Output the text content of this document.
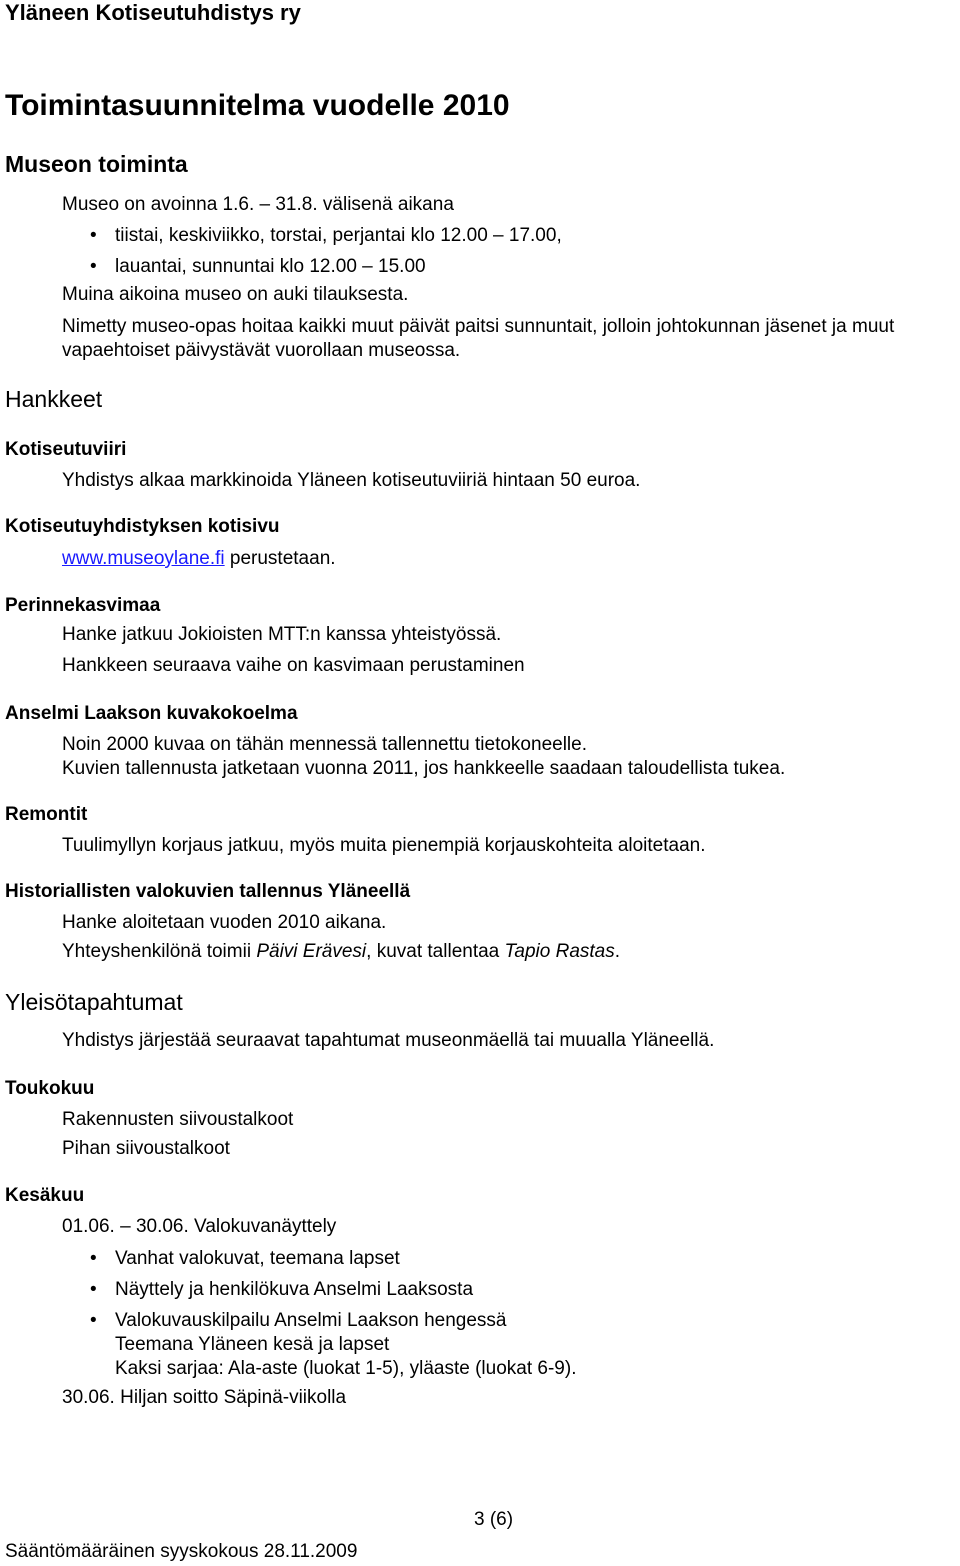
Yläneen Kotiseutuhdistys ry
Toimintasuunnitelma vuodelle 2010
Museon toiminta
Museo on avoinna 1.6. – 31.8. välisenä aikana
• tiistai, keskiviikko, torstai, perjantai klo 12.00 – 17.00,
• lauantai, sunnuntai klo 12.00 – 15.00
Muina aikoina museo on auki tilauksesta.
Nimetty museo-opas hoitaa kaikki muut päivät paitsi sunnuntait, jolloin johtokunnan jäsenet ja muut
vapaehtoiset päivystävät vuorollaan museossa.
Hankkeet
Kotiseutuviiri
Yhdistys alkaa markkinoida Yläneen kotiseutuviiriä hintaan 50 euroa.
Kotiseutuyhdistyksen kotisivu
www.museoylane.fi perustetaan.
Perinnekasvimaa
Hanke jatkuu Jokioisten MTT:n kanssa yhteistyössä.
Hankkeen seuraava vaihe on kasvimaan perustaminen
Anselmi Laakson kuvakokoelma
Noin 2000 kuvaa on tähän mennessä tallennettu tietokoneelle.
Kuvien tallennusta jatketaan vuonna 2011, jos hankkeelle saadaan taloudellista tukea.
Remontit
Tuulimyllyn korjaus jatkuu, myös muita pienempiä korjauskohteita aloitetaan.
Historiallisten valokuvien tallennus Yläneellä
Hanke aloitetaan vuoden 2010 aikana.
Yhteyshenkilönä toimii Päivi Erävesi, kuvat tallentaa Tapio Rastas.
Yleisötapahtumat
Yhdistys järjestää seuraavat tapahtumat museonmäellä tai muualla Yläneellä.
Toukokuu
Rakennusten siivoustalkoot
Pihan siivoustalkoot
Kesäkuu
01.06. – 30.06. Valokuvanäyttely
• Vanhat valokuvat, teemana lapset
• Näyttely ja henkilökuva Anselmi Laaksosta
• Valokuvauskilpailu Anselmi Laakson hengessä
Teemana Yläneen kesä ja lapset
Kaksi sarjaa: Ala-aste (luokat 1-5), yläaste (luokat 6-9).
30.06. Hiljan soitto Säpinä-viikolla
3 (6)
Sääntömääräinen syyskokous 28.11.2009
